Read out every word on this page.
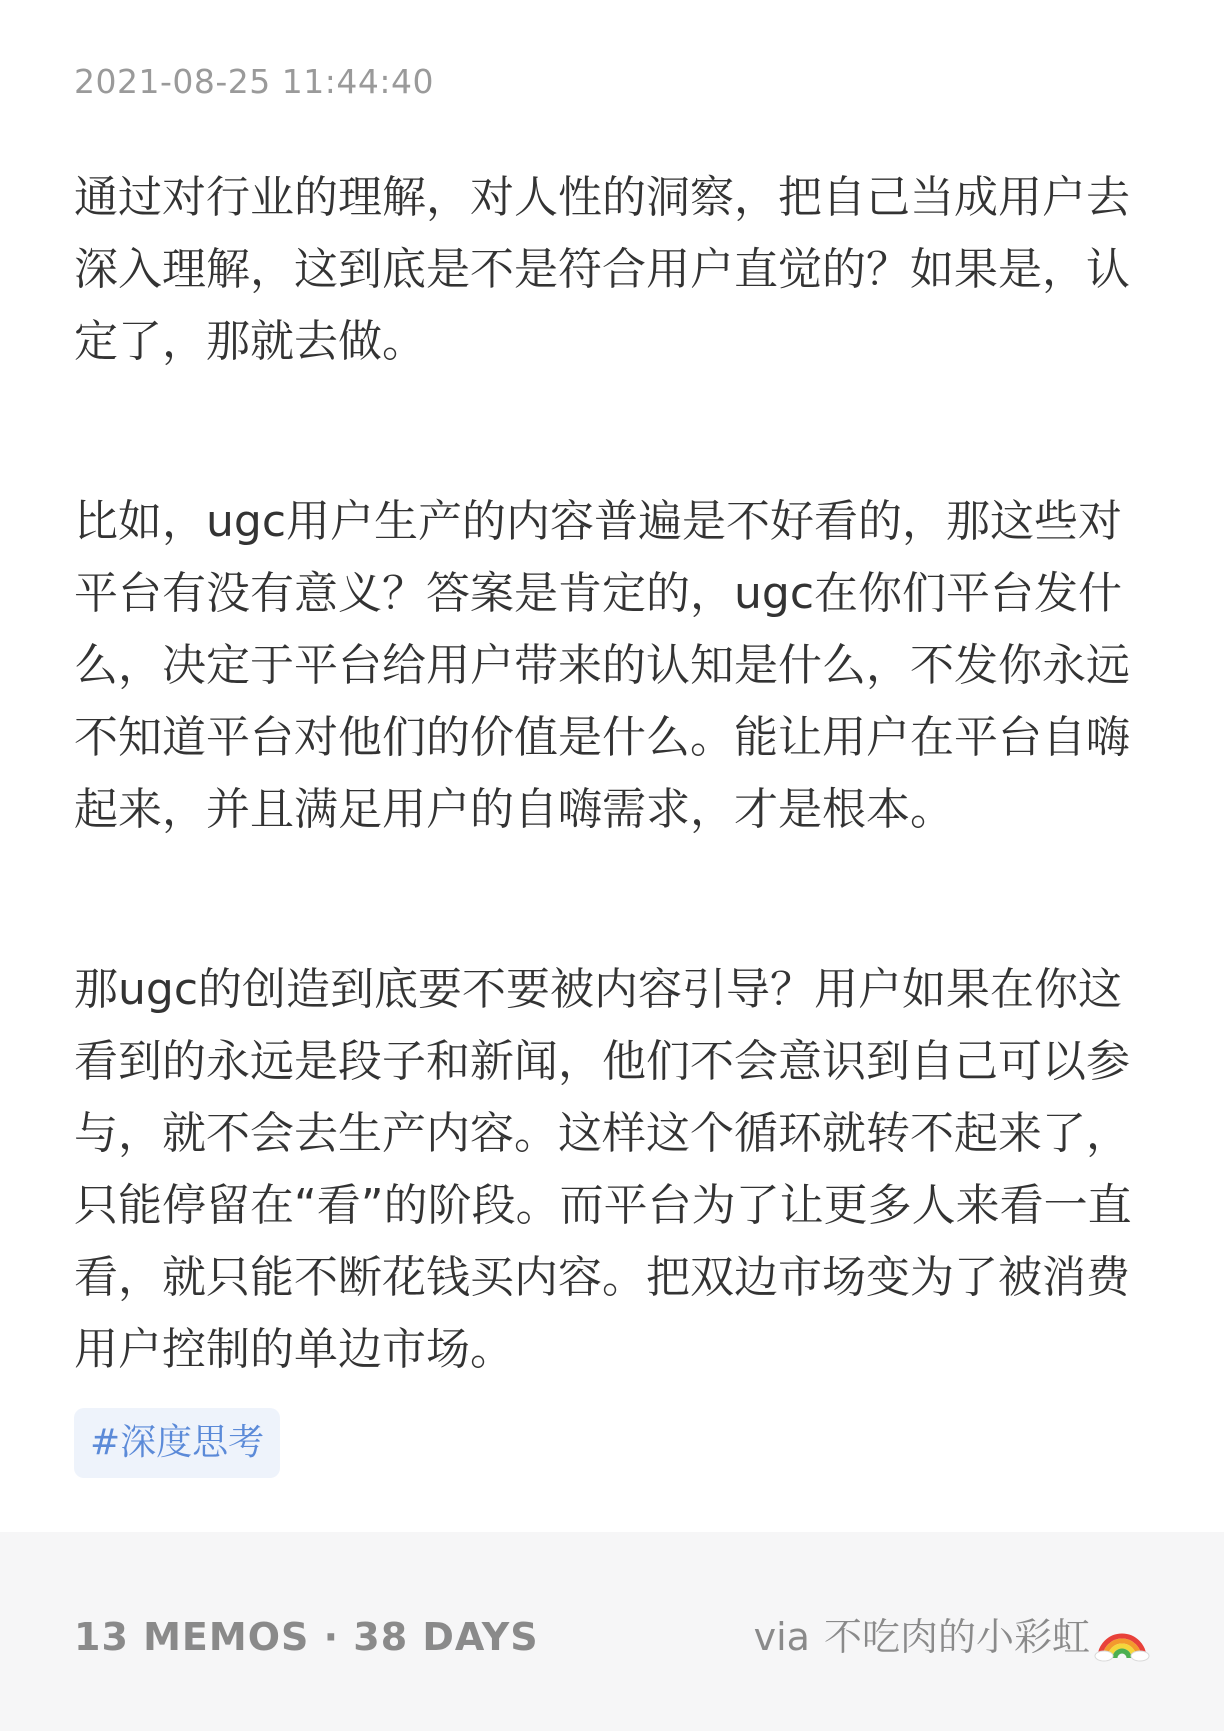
2021-08-25 11:44:40

通过对行业的理解，对人性的洞察，把自己当成用户去深入理解，这到底是不是符合用户直觉的？如果是，认定了，那就去做。

比如，ugc用户生产的内容普遍是不好看的，那这些对平台有没有意义？答案是肯定的，ugc在你们平台发什么，决定于平台给用户带来的认知是什么，不发你永远不知道平台对他们的价值是什么。能让用户在平台自嗨起来，并且满足用户的自嗨需求，才是根本。

那ugc的创造到底要不要被内容引导？用户如果在你这看到的永远是段子和新闻，他们不会意识到自己可以参与，就不会去生产内容。这样这个循环就转不起来了，只能停留在“看”的阶段。而平台为了让更多人来看一直看，就只能不断花钱买内容。把双边市场变为了被消费用户控制的单边市场。

#深度思考
13 MEMOS · 38 DAYS	via 不吃肉的小彩虹
